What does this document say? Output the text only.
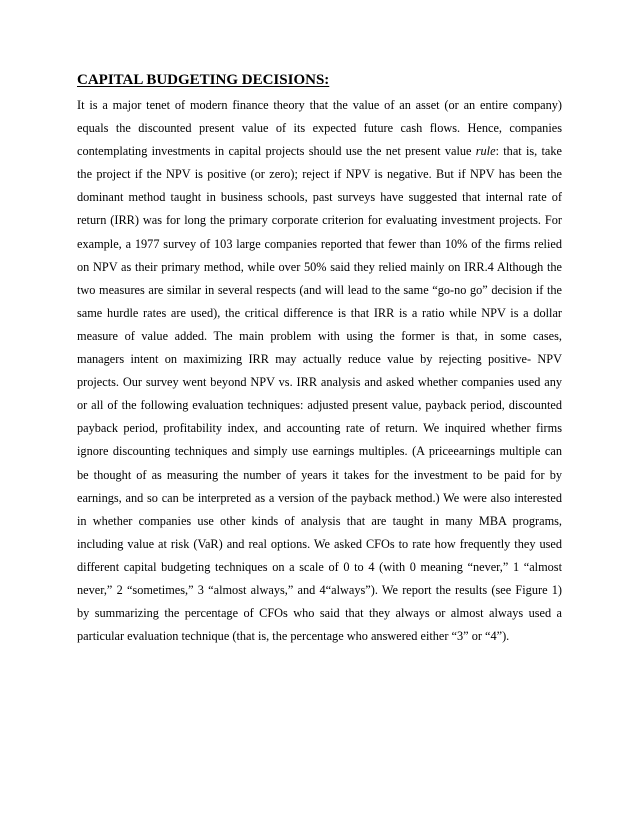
CAPITAL BUDGETING DECISIONS:
It is a major tenet of modern finance theory that the value of an asset (or an entire company)
equals the discounted present value of its expected future cash flows. Hence, companies
contemplating investments in capital projects should use the net present value rule: that is, take
the project if the NPV is positive (or zero); reject if NPV is negative. But if NPV has been the
dominant method taught in business schools, past surveys have suggested that internal rate of
return (IRR) was for long the primary corporate criterion for evaluating investment projects. For
example, a 1977 survey of 103 large companies reported that fewer than 10% of the firms relied
on NPV as their primary method, while over 50% said they relied mainly on IRR.4 Although the
two measures are similar in several respects (and will lead to the same “go-no go” decision if the
same hurdle rates are used), the critical difference is that IRR is a ratio while NPV is a dollar
measure of value added. The main problem with using the former is that, in some cases,
managers intent on maximizing IRR may actually reduce value by rejecting positive- NPV
projects. Our survey went beyond NPV vs. IRR analysis and asked whether companies used any
or all of the following evaluation techniques: adjusted present value, payback period, discounted
payback period, profitability index, and accounting rate of return. We inquired whether firms
ignore discounting techniques and simply use earnings multiples. (A priceearnings multiple can
be thought of as measuring the number of years it takes for the investment to be paid for by
earnings, and so can be interpreted as a version of the payback method.) We were also interested
in whether companies use other kinds of analysis that are taught in many MBA programs,
including value at risk (VaR) and real options. We asked CFOs to rate how frequently they used
different capital budgeting techniques on a scale of 0 to 4 (with 0 meaning “never,” 1 “almost
never,” 2 “sometimes,” 3 “almost always,” and 4“always”). We report the results (see Figure 1)
by summarizing the percentage of CFOs who said that they always or almost always used a
particular evaluation technique (that is, the percentage who answered either “3” or “4”).
